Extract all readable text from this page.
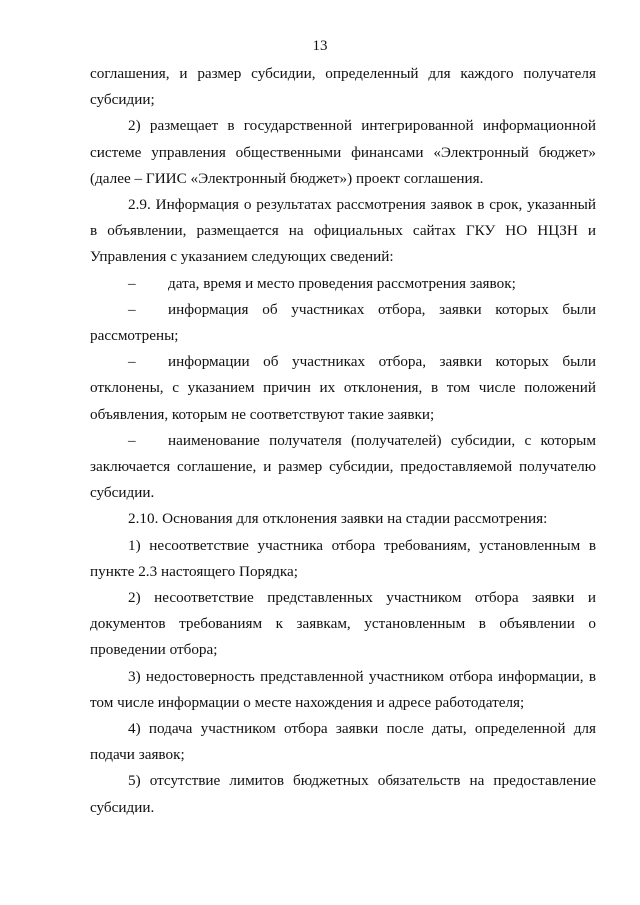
13

соглашения, и размер субсидии, определенный для каждого получателя субсидии;

2) размещает в государственной интегрированной информационной системе управления общественными финансами «Электронный бюджет» (далее – ГИИС «Электронный бюджет») проект соглашения.

2.9. Информация о результатах рассмотрения заявок в срок, указанный в объявлении, размещается на официальных сайтах ГКУ НО НЦЗН и Управления с указанием следующих сведений:

– дата, время и место проведения рассмотрения заявок;

– информация об участниках отбора, заявки которых были рассмотрены;

– информации об участниках отбора, заявки которых были отклонены, с указанием причин их отклонения, в том числе положений объявления, которым не соответствуют такие заявки;

– наименование получателя (получателей) субсидии, с которым заключается соглашение, и размер субсидии, предоставляемой получателю субсидии.

2.10. Основания для отклонения заявки на стадии рассмотрения:

1) несоответствие участника отбора требованиям, установленным в пункте 2.3 настоящего Порядка;

2) несоответствие представленных участником отбора заявки и документов требованиям к заявкам, установленным в объявлении о проведении отбора;

3) недостоверность представленной участником отбора информации, в том числе информации о месте нахождения и адресе работодателя;

4) подача участником отбора заявки после даты, определенной для подачи заявок;

5) отсутствие лимитов бюджетных обязательств на предоставление субсидии.
